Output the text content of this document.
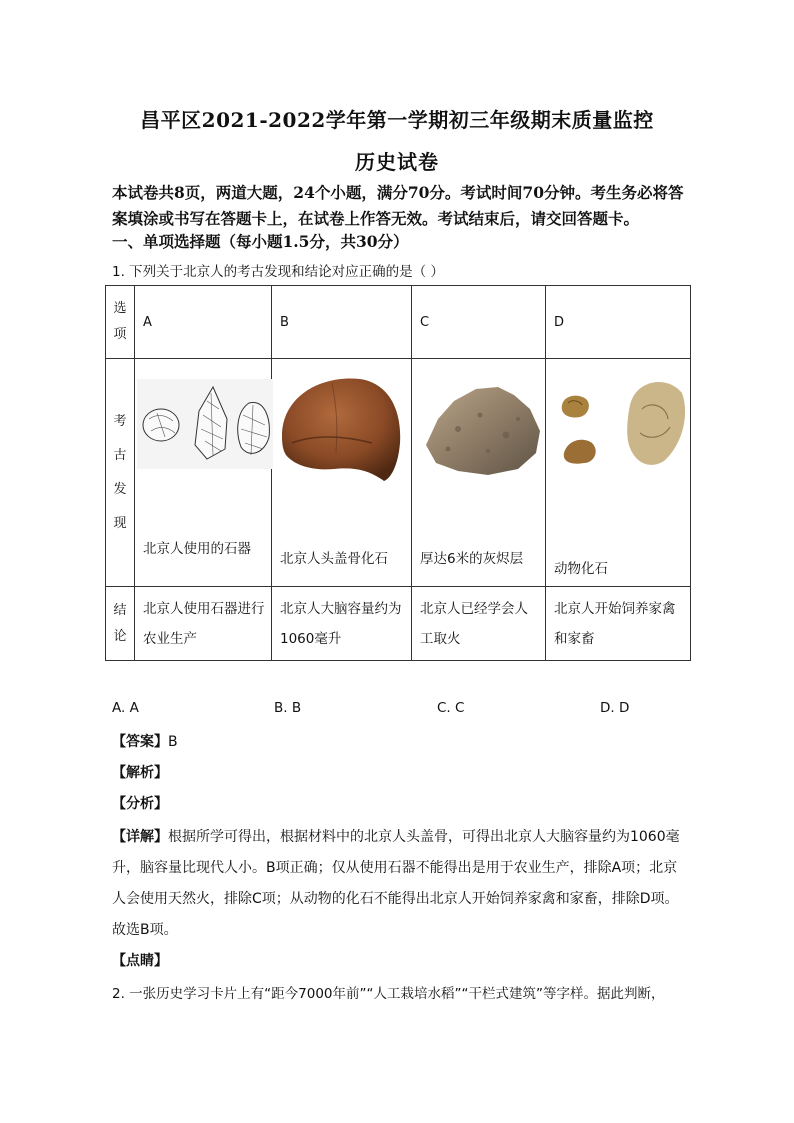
昌平区2021-2022学年第一学期初三年级期末质量监控
历史试卷
本试卷共8页，两道大题，24个小题，满分70分。考试时间70分钟。考生务必将答案填涂或书写在答题卡上，在试卷上作答无效。考试结束后，请交回答题卡。
一、单项选择题（每小题1.5分，共30分）
1. 下列关于北京人的考古发现和结论对应正确的是（ ）
选
项	A	B	C	D

考
古
发
现	北京人使用的石器	北京人头盖骨化石	厚达6米的灰烬层	动物化石

结
论	北京人使用石器进行农业生产	北京人大脑容量约为1060毫升	北京人已经学会人工取火	北京人开始饲养家禽和家畜
A. A	B. B	C. C	D. D
【答案】B
【解析】
【分析】
【详解】根据所学可得出，根据材料中的北京人头盖骨，可得出北京人大脑容量约为1060毫升，脑容量比现代人小。B项正确；仅从使用石器不能得出是用于农业生产，排除A项；北京人会使用天然火，排除C项；从动物的化石不能得出北京人开始饲养家禽和家畜，排除D项。故选B项。
【点睛】
2. 一张历史学习卡片上有“距今7000年前”“人工栽培水稻”“干栏式建筑”等字样。据此判断，
